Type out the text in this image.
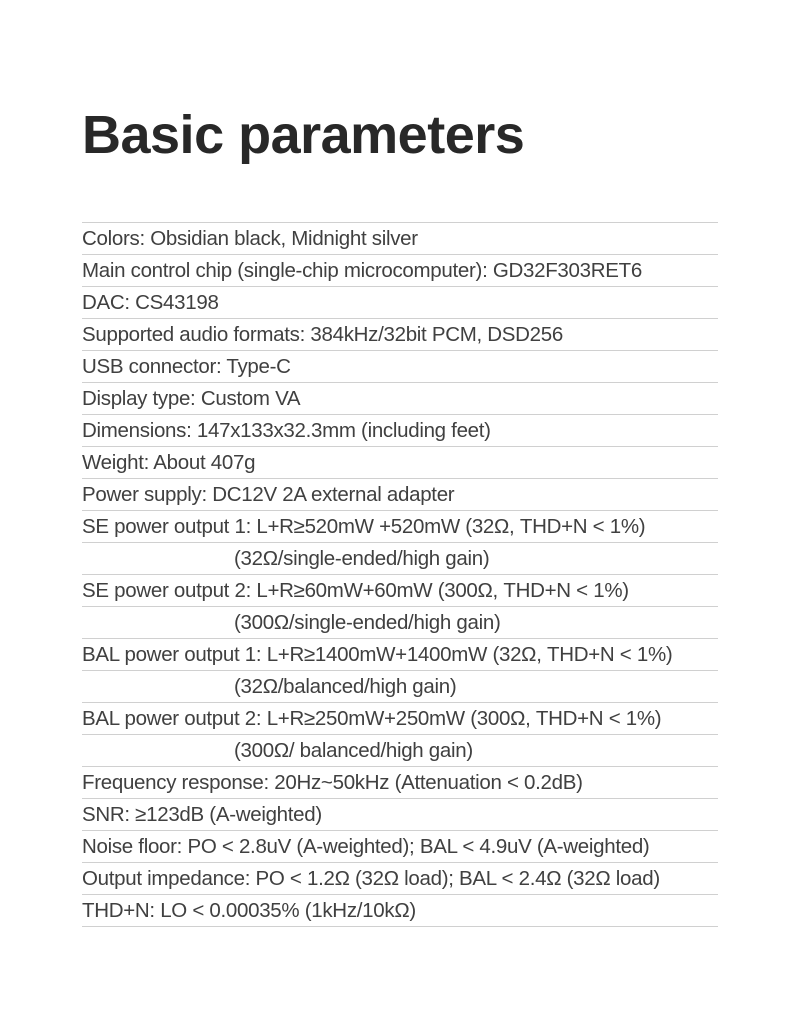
Basic parameters
Colors: Obsidian black, Midnight silver
Main control chip (single-chip microcomputer): GD32F303RET6
DAC: CS43198
Supported audio formats: 384kHz/32bit PCM, DSD256
USB connector: Type-C
Display type: Custom VA
Dimensions: 147x133x32.3mm (including feet)
Weight: About 407g
Power supply: DC12V 2A external adapter
SE power output 1: L+R≥520mW +520mW (32Ω, THD+N < 1%)
(32Ω/single-ended/high gain)
SE power output 2: L+R≥60mW+60mW (300Ω, THD+N < 1%)
(300Ω/single-ended/high gain)
BAL power output 1: L+R≥1400mW+1400mW (32Ω, THD+N < 1%)
(32Ω/balanced/high gain)
BAL power output 2: L+R≥250mW+250mW (300Ω, THD+N < 1%)
(300Ω/ balanced/high gain)
Frequency response: 20Hz~50kHz (Attenuation < 0.2dB)
SNR: ≥123dB (A-weighted)
Noise floor: PO < 2.8uV (A-weighted); BAL < 4.9uV (A-weighted)
Output impedance: PO < 1.2Ω (32Ω load); BAL < 2.4Ω (32Ω load)
THD+N: LO < 0.00035% (1kHz/10kΩ)
